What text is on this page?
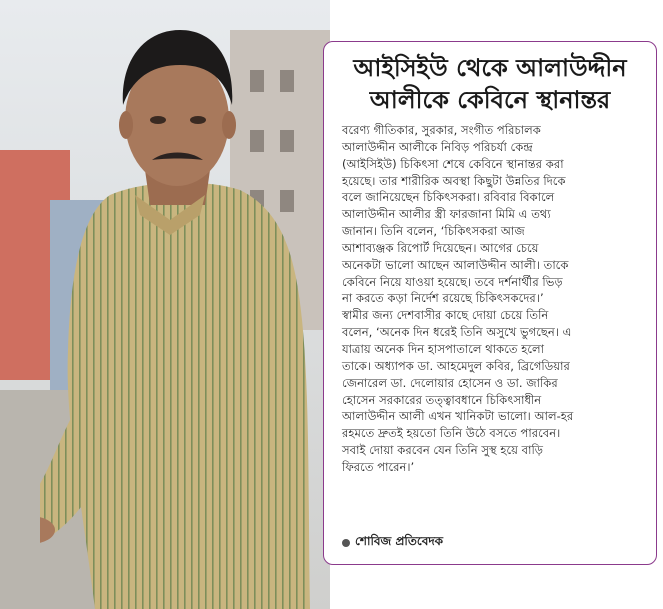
আইসিইউ থেকে আলাউদ্দীন
আলীকে কেবিনে স্থানান্তর
বরেণ্য গীতিকার, সুরকার, সংগীত পরিচালক
আলাউদ্দীন আলীকে নিবিড় পরিচর্যা কেন্দ্র
(আইসিইউ) চিকিৎসা শেষে কেবিনে স্থানান্তর করা
হয়েছে। তার শারীরিক অবস্থা কিছুটা উন্নতির দিকে
বলে জানিয়েছেন চিকিৎসকরা। রবিবার বিকালে
আলাউদ্দীন আলীর স্ত্রী ফারজানা মিমি এ তথ্য
জানান। তিনি বলেন, ‘চিকিৎসকরা আজ
আশাব্যঞ্জক রিপোর্ট দিয়েছেন। আগের চেয়ে
অনেকটা ভালো আছেন আলাউদ্দীন আলী। তাকে
কেবিনে নিয়ে যাওয়া হয়েছে। তবে দর্শনার্থীর ভিড়
না করতে কড়া নির্দেশ রয়েছে চিকিৎসকদের।’
স্বামীর জন্য দেশবাসীর কাছে দোয়া চেয়ে তিনি
বলেন, ‘অনেক দিন ধরেই তিনি অসুখে ভুগছেন। এ
যাত্রায় অনেক দিন হাসপাতালে থাকতে হলো
তাকে। অধ্যাপক ডা. আহমেদুল কবির, ব্রিগেডিয়ার
জেনারেল ডা. দেলোয়ার হোসেন ও ডা. জাকির
হোসেন সরকারের তত্ত্বাবধানে চিকিৎসাধীন
আলাউদ্দীন আলী এখন খানিকটা ভালো। আল-হর
রহমতে দ্রুতই হয়তো তিনি উঠে বসতে পারবেন।
সবাই দোয়া করবেন যেন তিনি সুস্থ হয়ে বাড়ি
ফিরতে পারেন।’
শোবিজ প্রতিবেদক
